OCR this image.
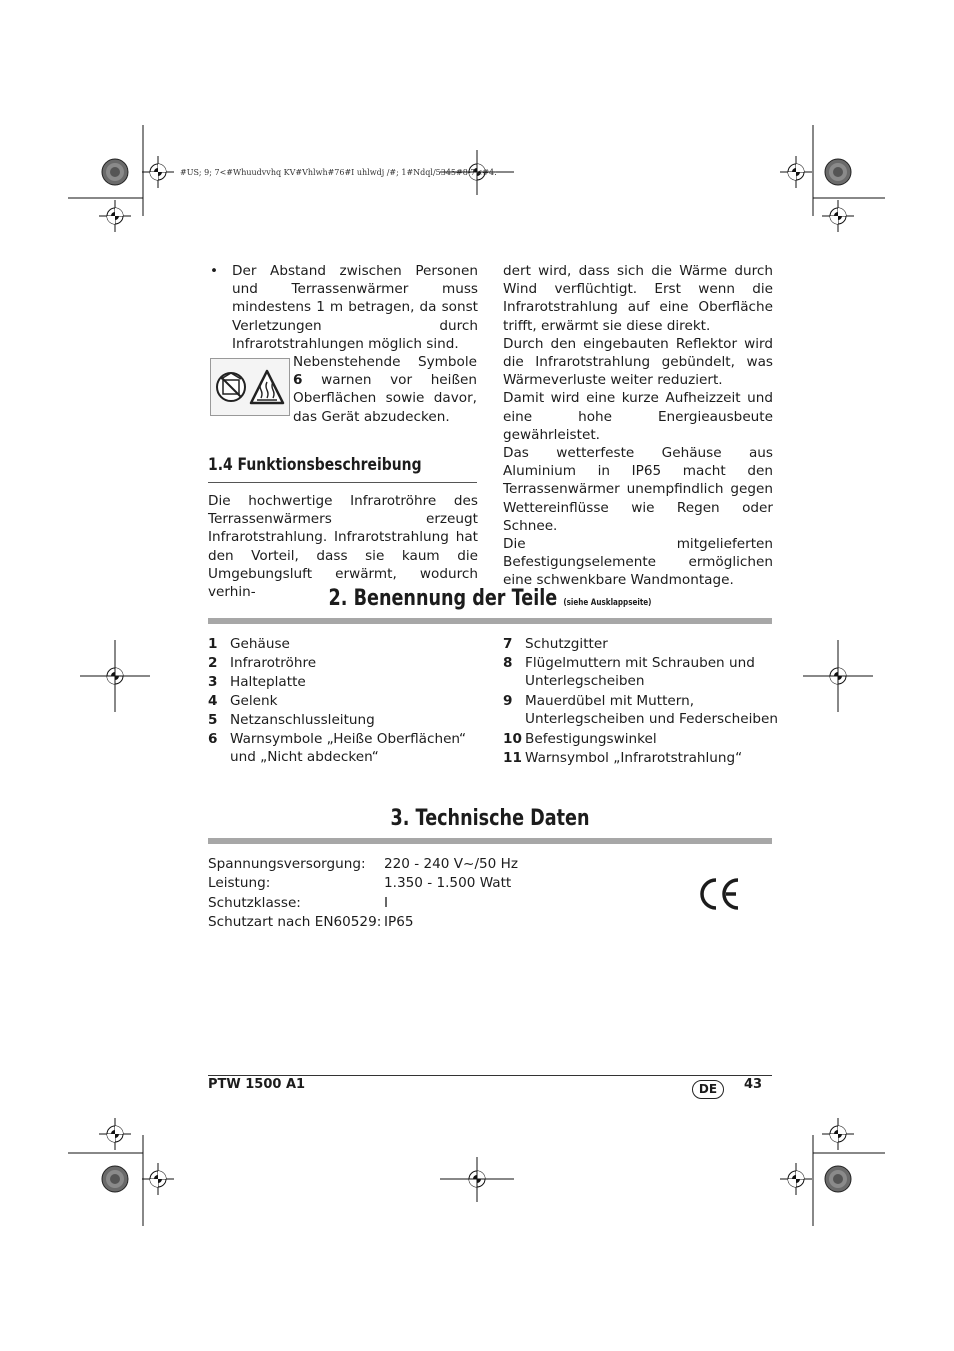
#US; 9; 7<#Whuudvvhq KV#Vhlwh#76#I uhlwdj /#; 1#Ndql/5345#8-7<#4:
• Der Abstand zwischen Personen und Terrassenwärmer muss mindestens 1 m betragen, da sonst Verletzungen durch Infrarotstrahlungen möglich sind.
Nebenstehende Symbole 6 warnen vor heißen Oberflächen sowie davor, das Gerät abzudecken.
1.4 Funktionsbeschreibung
Die hochwertige Infrarotröhre des Terrassenwärmers erzeugt Infrarotstrahlung. Infrarotstrahlung hat den Vorteil, dass sie kaum die Umgebungsluft erwärmt, wodurch verhin-
dert wird, dass sich die Wärme durch Wind verflüchtigt. Erst wenn die Infrarotstrahlung auf eine Oberfläche trifft, erwärmt sie diese direkt.
Durch den eingebauten Reflektor wird die Infrarotstrahlung gebündelt, was Wärmeverluste weiter reduziert.
Damit wird eine kurze Aufheizzeit und eine hohe Energieausbeute gewährleistet.
Das wetterfeste Gehäuse aus Aluminium in IP65 macht den Terrassenwärmer unempfindlich gegen Wettereinflüsse wie Regen oder Schnee.
Die mitgelieferten Befestigungselemente ermöglichen eine schwenkbare Wandmontage.
2. Benennung der Teile (siehe Ausklappseite)
1 Gehäuse
2 Infrarotröhre
3 Halteplatte
4 Gelenk
5 Netzanschlussleitung
6 Warnsymbole „Heiße Oberflächen“
und „Nicht abdecken“
7 Schutzgitter
8 Flügelmuttern mit Schrauben und
Unterlegscheiben
9 Mauerdübel mit Muttern,
Unterlegscheiben und Federscheiben
10 Befestigungswinkel
11 Warnsymbol „Infrarotstrahlung“
3. Technische Daten
Spannungsversorgung: 220 - 240 V~/50 Hz
Leistung:	1.350 - 1.500 Watt
Schutzklasse:	I
Schutzart nach EN60529: IP65
PTW 1500 A1	DE	43
